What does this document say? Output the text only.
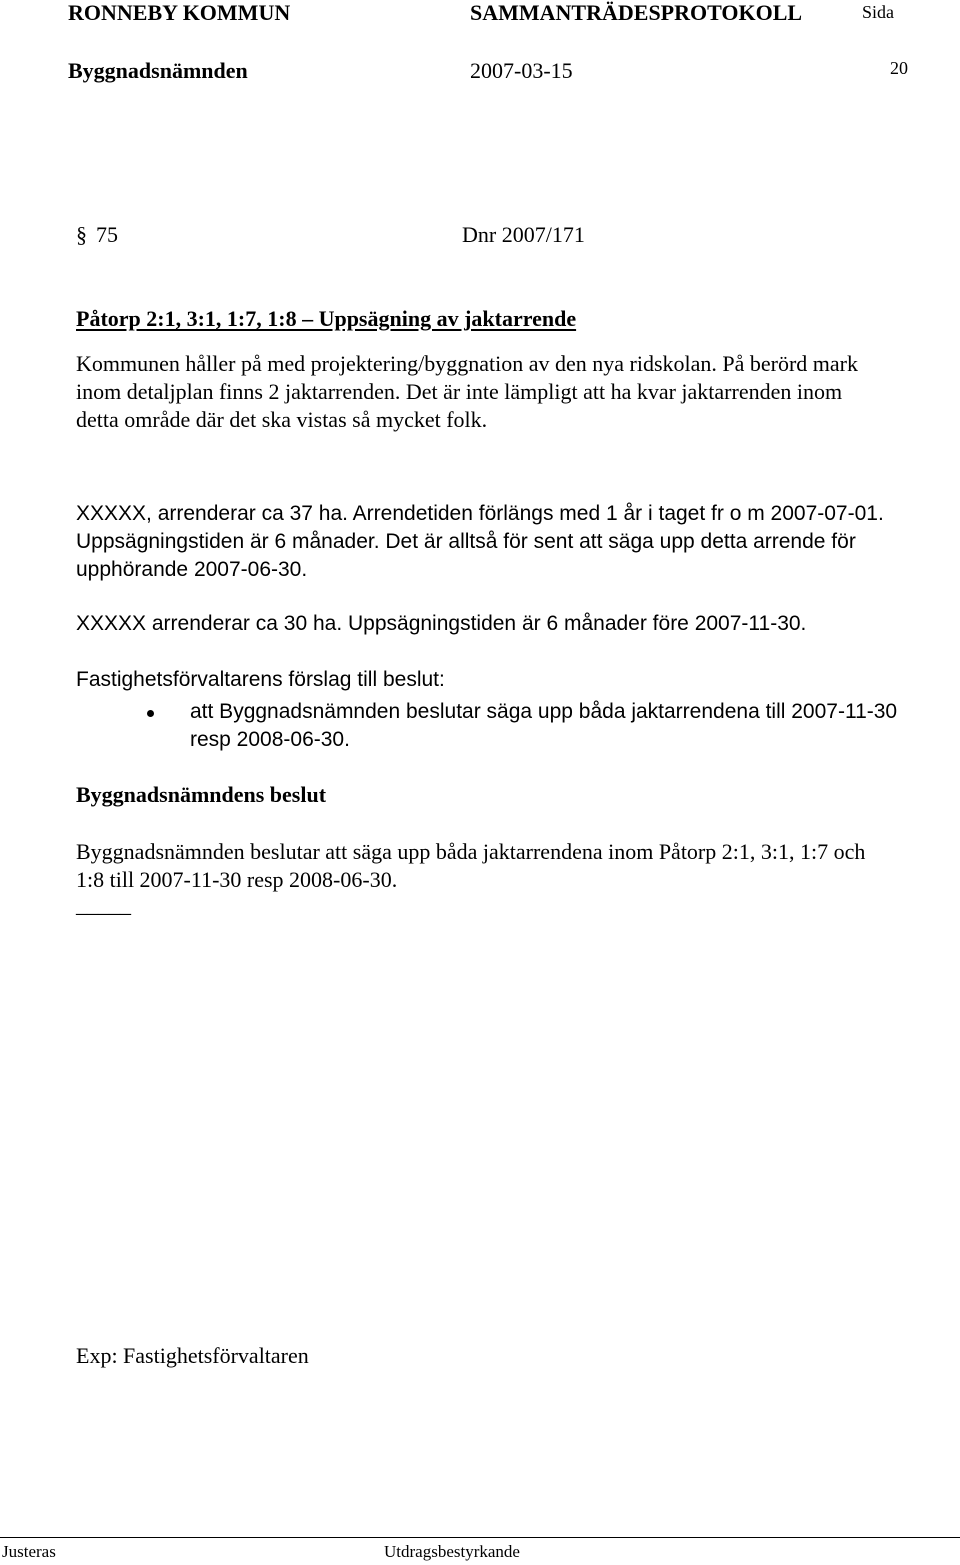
RONNEBY KOMMUN	SAMMANTRÄDESPROTOKOLL	Sida
Byggnadsnämnden	2007-03-15	20
§ 75	Dnr 2007/171
Påtorp 2:1, 3:1, 1:7, 1:8 – Uppsägning av jaktarrende
Kommunen håller på med projektering/byggnation av den nya ridskolan. På berörd mark
inom detaljplan finns 2 jaktarrenden. Det är inte lämpligt att ha kvar jaktarrenden inom
detta område där det ska vistas så mycket folk.
XXXXX, arrenderar ca 37 ha. Arrendetiden förlängs med 1 år i taget fr o m 2007-07-01.
Uppsägningstiden är 6 månader. Det är alltså för sent att säga upp detta arrende för
upphörande 2007-06-30.
XXXXX arrenderar ca 30 ha. Uppsägningstiden är 6 månader före 2007-11-30.
Fastighetsförvaltarens förslag till beslut:
att Byggnadsnämnden beslutar säga upp båda jaktarrendena till 2007-11-30
resp 2008-06-30.
Byggnadsnämndens beslut
Byggnadsnämnden beslutar att säga upp båda jaktarrendena inom Påtorp 2:1, 3:1, 1:7 och
1:8 till 2007-11-30 resp 2008-06-30.
_____
Exp: Fastighetsförvaltaren
Justeras	Utdragsbestyrkande
